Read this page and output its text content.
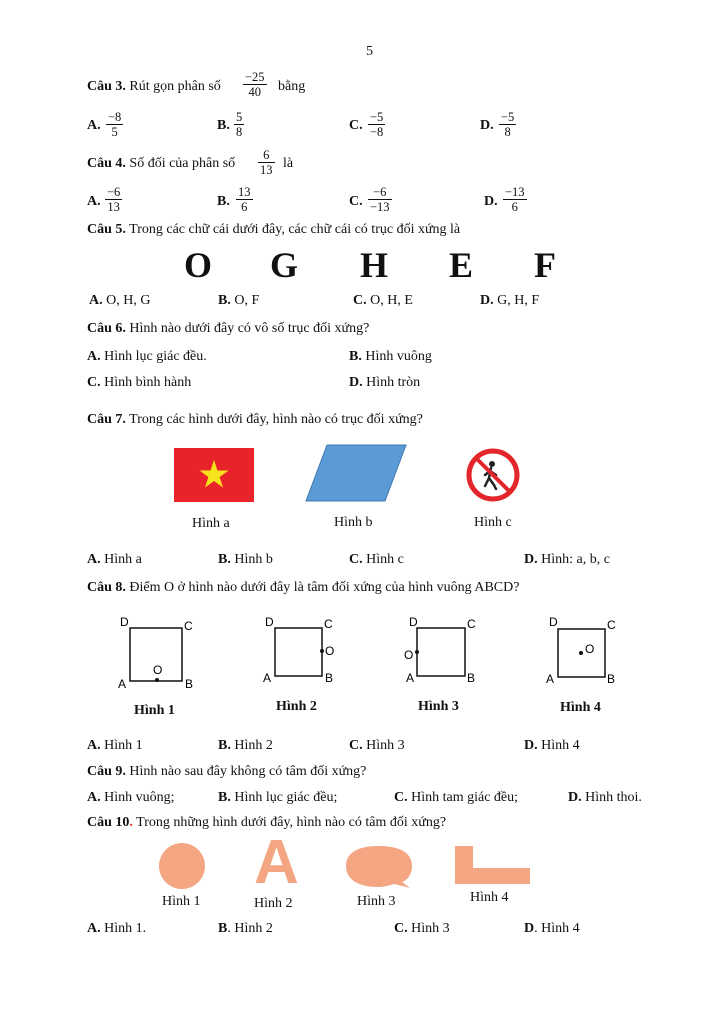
5
Câu 3. Rút gọn phân số $\frac{-25}{40}$ bằng
A. $\frac{-8}{5}$	B. $\frac{5}{8}$	C. $\frac{-5}{-8}$	D. $\frac{-5}{8}$
Câu 4. Số đối của phân số $\frac{6}{13}$ là
A. $\frac{-6}{13}$	B. $\frac{13}{6}$	C. $\frac{-6}{-13}$	D. $\frac{-13}{6}$
Câu 5. Trong các chữ cái dưới đây, các chữ cái có trục đối xứng là
O G H E F
A. O, H, G	B. O, F	C. O, H, E	D. G, H, F
Câu 6. Hình nào dưới đây có vô số trục đối xứng?
A. Hình lục giác đều.	B. Hình vuông
C. Hình bình hành	D. Hình tròn
Câu 7. Trong các hình dưới đây, hình nào có trục đối xứng?
Hình a	Hình b	Hình c
A. Hình a	B. Hình b	C. Hình c	D. Hình: a, b, c
Câu 8. Điểm O ở hình nào dưới đây là tâm đối xứng của hình vuông ABCD?
D	C
A	B
O
D	C
A	B
O
D	C
A	B
O
D	C
A	B
O
Hình 1	Hình 2	Hình 3	Hình 4
A. Hình 1	B. Hình 2	C. Hình 3	D. Hình 4
Câu 9. Hình nào sau đây không có tâm đối xứng?
A. Hình vuông;	B. Hình lục giác đều;	C. Hình tam giác đều;	D. Hình thoi.
Câu 10. Trong những hình dưới đây, hình nào có tâm đối xứng?
A
Hình 1	Hình 2	Hình 3	Hình 4
A. Hình 1.	B. Hình 2	C. Hình 3	D. Hình 4
